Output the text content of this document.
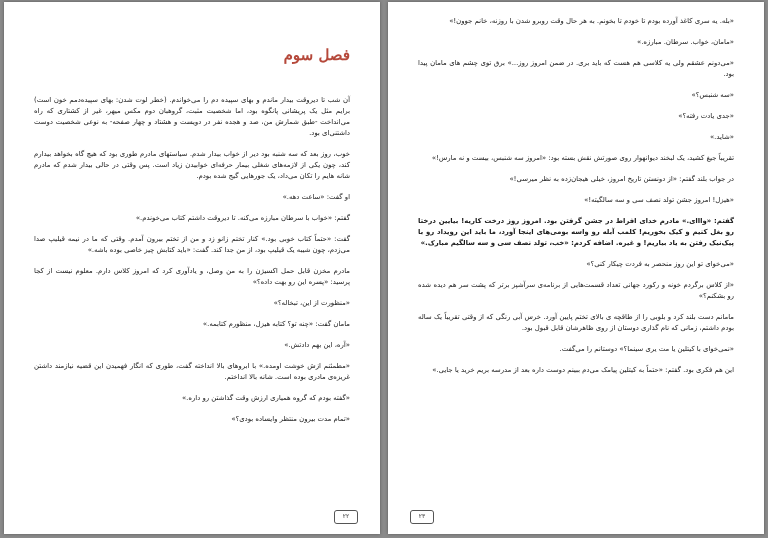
فصل سوم

آن شب تا دیروقت بیدار ماندم و بهای سپیده دم را می‌خواندم. (خطر لوت شدن: بهای سپیده‌دمم خون است) برایم مثل یک پریشانی پانگوه بود، اما شخصیت مثبت، گروهبان دوم مکس میهر، غیر از کشتاری که راه می‌انداخت -طبق شمارش من، صد و هجده نفر در دویست و هشتاد و چهار صفحه- به نوعی شخصیت دوست داشتنی‌ای بود.

خوب، روز بعد که سه شنبه بود دیر از خواب بیدار شدم. سیاستهای مادرم طوری بود که هیچ گاه بخواهد بیدارم کند، چون یکی از لازمه‌های شغلی بیمار حرفه‌ای خوابیدن زیاد است. پس وقتی در حالی بیدار شدم که مادرم شانه هایم را تکان می‌داد، یک جورهایی گیج شده بودم.

او گفت: «ساعت دهه.»

گفتم: «خواب با سرطان مبارزه می‌کنه. تا دیروقت داشتم کتاب می‌خوندم.»

گفت: «حتماً کتاب خوبی بود.» کنار تختم زانو زد و من از تختم بیرون آمدم. وقتی که ما در نیمه قیلیپ صدا می‌زدم، چون شیبه یک قیلیپ بود، از من جدا کند. گفت: «باید کتابش چیز خاصی بوده باشه.»

مادرم مخزن قابل حمل اکسیژن را به من وصل، و یادآوری کرد که امروز کلاس دارم. معلوم نیست از کجا پرسید: «پسره این رو بهت داده؟»

«منظورت از این، تبخاله؟»

مامان گفت: «چنه تو؟ کتابه هیزل، منظورم کتابمه.»

«آره، این بهم دادتش.»

«مطمئنم ازش خوشت اومده.» با ابروهای بالا انداخته گفت، طوری که انگار فهمیدن این قضیه نیازمند داشتن غریزه‌ی مادری بوده است. شانه بالا انداختم.

«گفته بودم که گروه همیاری ارزش وقت گذاشتن رو داره.»

«تمام مدت بیرون منتظر وایساده بودی؟»

۲۲

«بله. یه سری کاغذ آورده بودم تا خودم تا بخونم. به هر حال وقت روبرو شدن با روزنه، خانم جوون!»

«مامان، خواب. سرطان. مبارزه.»

«می‌دونم عشقم ولی یه کلاسی هم هست که باید بری. در ضمن امروز روز...» برق توی چشم های مامان پیدا بود.

«سه شنبس؟»

«جدی یادت رفته؟»

«شاید.»

تقریباً جیغ کشید، یک لبخند دیوانهوار روی صورتش نقش بسته بود: «امروز سه شنبس، بیست و نه مارس!»

در جواب بلند گفتم: «از دونستن تاریخ امروز، خیلی هیجان‌زده به نظر میرسی!»

«هیزل! امروز جشن تولد نصف سی و سه سالگیته!»

گفتم: «وااای.» مادرم خدای افراط در جشن گرفتن بود. امروز روز درخت کاریه! بیایین درختا رو بغل کنیم و کیک بخوریم! کلمب آبله رو واسه بومی‌های اینجا آورد، ما باید این رویداد رو با پیک‌نیک رفتن به یاد بیاریم! و غیره. اضافه کردم: «خب، تولد نصف سی و سه سالگیم مبارک.»

«می‌خوای تو این روز منحصر به فردت چیکار کنی؟»

«از کلاس برگردم خونه و رکورد جهانی تعداد قسمت‌هایی از برنامه‌ی سرآشپز برتر که پشت سر هم دیده شده رو بشکنم؟»

مامانم دست بلند کرد و بلوبی را از طاقچه ی بالای تختم پایین آورد. خرس آبی رنگی که از وقتی تقریباً یک ساله بودم داشتم، زمانی که نام گذاری دوستان از روی ظاهرشان قابل قبول بود.

«نمی‌خوای با کیتلین یا مت یری سینما؟» دوستانم را می‌گفت.

این هم فکری بود. گفتم: «حتماً به کیتلین پیامک می‌دم ببینم دوست داره بعد از مدرسه بریم خرید یا جایی.»

۲۳
